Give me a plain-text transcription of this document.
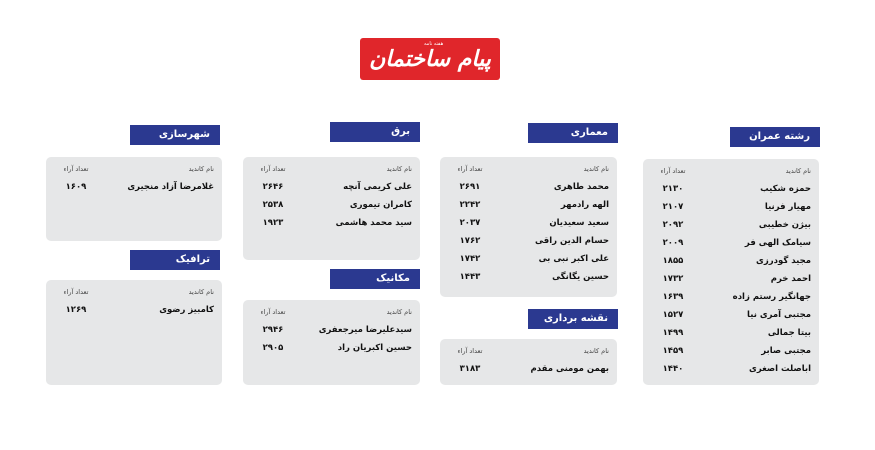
هفته نامه
پیام ساختمان
رشته عمران
معماری
برق
شهرسازی
ترافیک
مکانیک
نقشه برداری
نام کاندید
تعداد آراء
حمزه شکیب
۲۱۳۰
مهیار فرنیا
۲۱۰۷
بیژن خطیبی
۲۰۹۲
سیامک الهی فر
۲۰۰۹
مجید گودرزی
۱۸۵۵
احمد خرم
۱۷۳۲
جهانگیر رستم زاده
۱۶۳۹
مجتبی آمری نیا
۱۵۲۷
بیتا جمالی
۱۴۹۹
مجتبی صابر
۱۴۵۹
اباصلت اصغری
۱۴۴۰
نام کاندید
تعداد آراء
محمد طاهری
۲۶۹۱
الهه رادمهر
۲۲۴۲
سعید سعیدیان
۲۰۳۷
حسام الدین راقی
۱۷۶۲
علی اکبر نبی بی
۱۷۴۲
حسین یگانگی
۱۴۴۳
نام کاندید
تعداد آراء
بهمن مومنی مقدم
۳۱۸۳
نام کاندید
تعداد آراء
علی کریمی آنچه
۲۶۴۶
کامران تیموری
۲۵۳۸
سید محمد هاشمی
۱۹۲۳
نام کاندید
تعداد آراء
سیدعلیرضا میرجعفری
۲۹۴۶
حسین اکبریان راد
۲۹۰۵
نام کاندید
تعداد آراء
غلامرضا آزاد منجیری
۱۶۰۹
نام کاندید
تعداد آراء
کامبیز رضوی
۱۲۶۹
